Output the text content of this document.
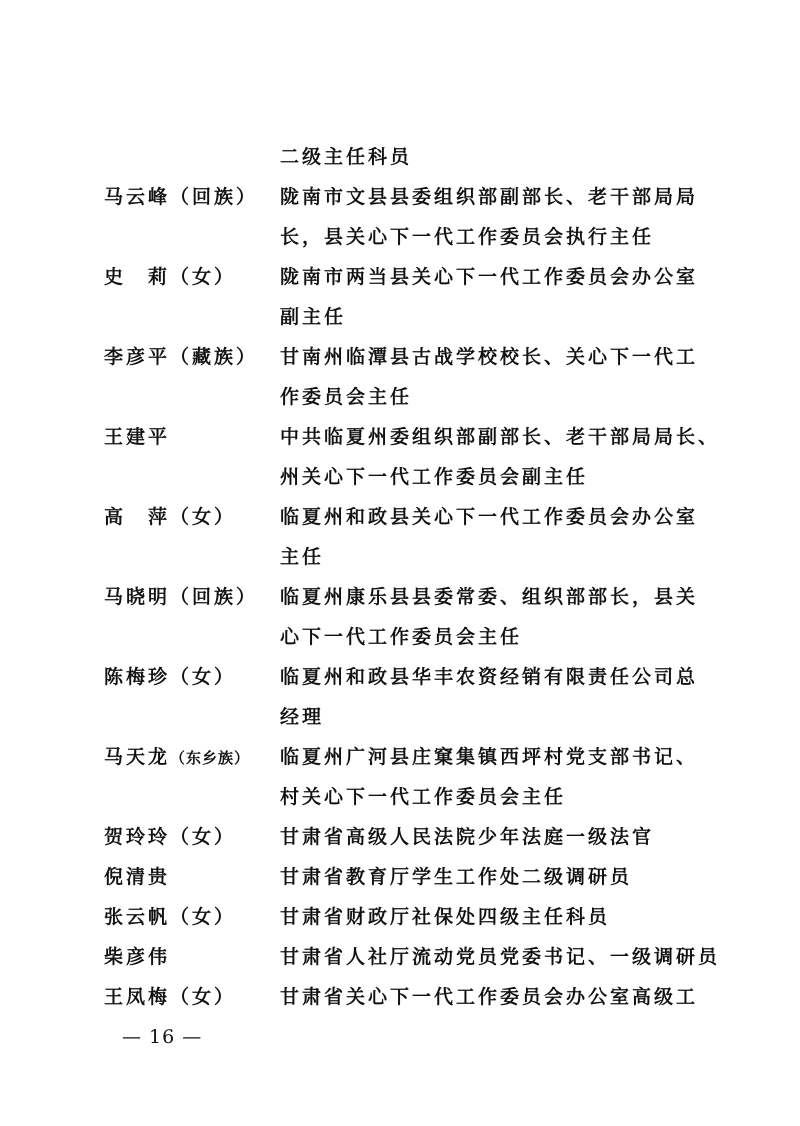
二级主任科员
马云峰（回族） 陇南市文县县委组织部副部长、老干部局局
长，县关心下一代工作委员会执行主任
史　莉（女） 陇南市两当县关心下一代工作委员会办公室
副主任
李彦平（藏族） 甘南州临潭县古战学校校长、关心下一代工
作委员会主任
王建平	中共临夏州委组织部副部长、老干部局局长、
州关心下一代工作委员会副主任
高　萍（女） 临夏州和政县关心下一代工作委员会办公室
主任
马晓明（回族） 临夏州康乐县县委常委、组织部部长，县关
心下一代工作委员会主任
陈梅珍（女） 临夏州和政县华丰农资经销有限责任公司总
经理
马天龙（东乡族） 临夏州广河县庄窠集镇西坪村党支部书记、
村关心下一代工作委员会主任
贺玲玲（女） 甘肃省高级人民法院少年法庭一级法官
倪清贵	甘肃省教育厅学生工作处二级调研员
张云帆（女） 甘肃省财政厅社保处四级主任科员
柴彦伟	甘肃省人社厅流动党员党委书记、一级调研员
王凤梅（女） 甘肃省关心下一代工作委员会办公室高级工
— 16 —
